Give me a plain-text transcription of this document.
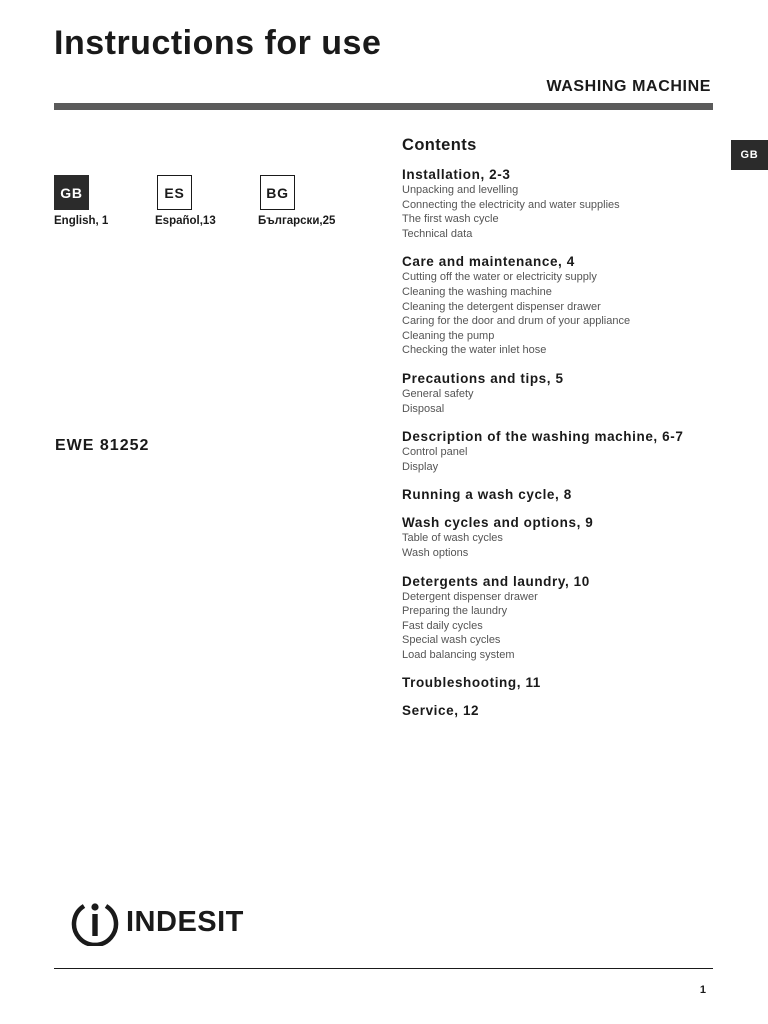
Instructions for use
WASHING MACHINE
GB
GB
English, 1
ES
Español,13
BG
Български,25
EWE 81252
Contents
Installation, 2-3
Unpacking and levelling
Connecting the electricity and water supplies
The first wash cycle
Technical data
Care and maintenance, 4
Cutting off the water or electricity supply
Cleaning the washing machine
Cleaning the detergent dispenser drawer
Caring for the door and drum of your appliance
Cleaning the pump
Checking the water inlet hose
Precautions and tips, 5
General safety
Disposal
Description of the washing machine, 6-7
Control panel
Display
Running a wash cycle, 8
Wash cycles and options, 9
Table of wash cycles
Wash options
Detergents and laundry, 10
Detergent dispenser drawer
Preparing the laundry
Fast daily cycles
Special wash cycles
Load balancing system
Troubleshooting, 11
Service, 12
INDESIT
1
